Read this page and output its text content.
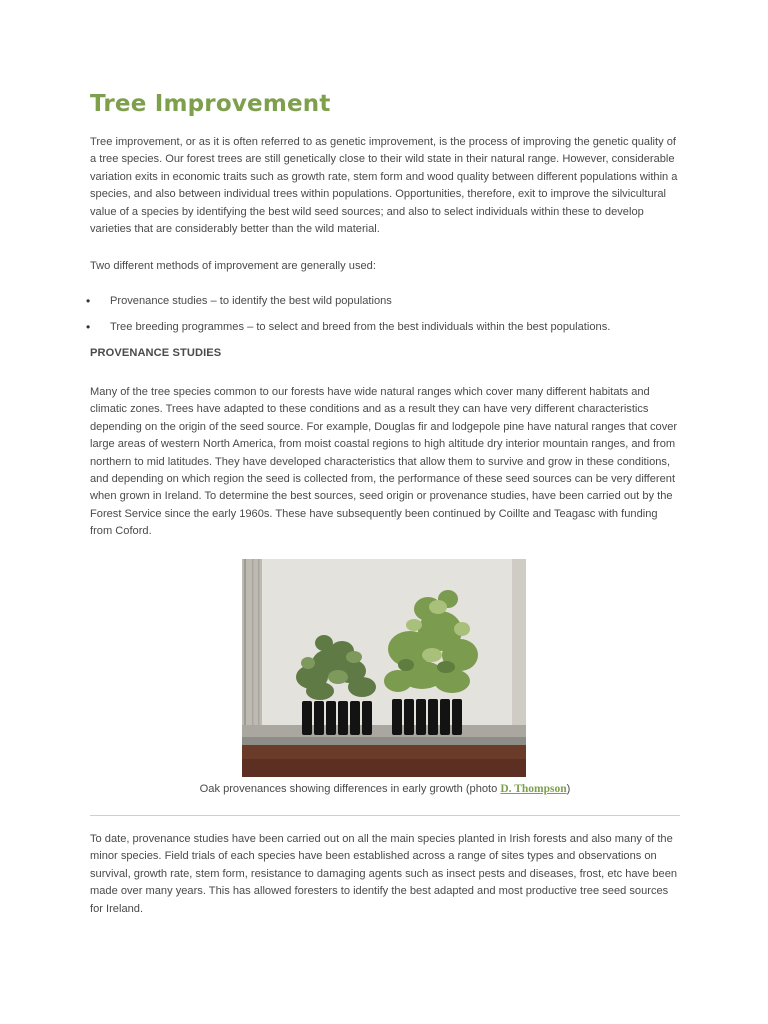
Tree Improvement

Tree improvement, or as it is often referred to as genetic improvement, is the process of improving the genetic quality of a tree species. Our forest trees are still genetically close to their wild state in their natural range. However, considerable variation exits in economic traits such as growth rate, stem form and wood quality between different populations within a species, and also between individual trees within populations. Opportunities, therefore, exit to improve the silvicultural value of a species by identifying the best wild seed sources; and also to select individuals within these to develop varieties that are considerably better than the wild material.

Two different methods of improvement are generally used:

• Provenance studies – to identify the best wild populations
• Tree breeding programmes – to select and breed from the best individuals within the best populations.
PROVENANCE STUDIES

Many of the tree species common to our forests have wide natural ranges which cover many different habitats and climatic zones. Trees have adapted to these conditions and as a result they can have very different characteristics depending on the origin of the seed source. For example, Douglas fir and lodgepole pine have natural ranges that cover large areas of western North America, from moist coastal regions to high altitude dry interior mountain ranges, and from northern to mid latitudes. They have developed characteristics that allow them to survive and grow in these conditions, and depending on which region the seed is collected from, the performance of these seed sources can be very different when grown in Ireland. To determine the best sources, seed origin or provenance studies, have been carried out by the Forest Service since the early 1960s. These have subsequently been continued by Coillte and Teagasc with funding from Coford.

Oak provenances showing differences in early growth (photo D. Thompson)

To date, provenance studies have been carried out on all the main species planted in Irish forests and also many of the minor species. Field trials of each species have been established across a range of sites types and observations on survival, growth rate, stem form, resistance to damaging agents such as insect pests and diseases, frost, etc have been made over many years. This has allowed foresters to identify the best adapted and most productive tree seed sources for Ireland.
